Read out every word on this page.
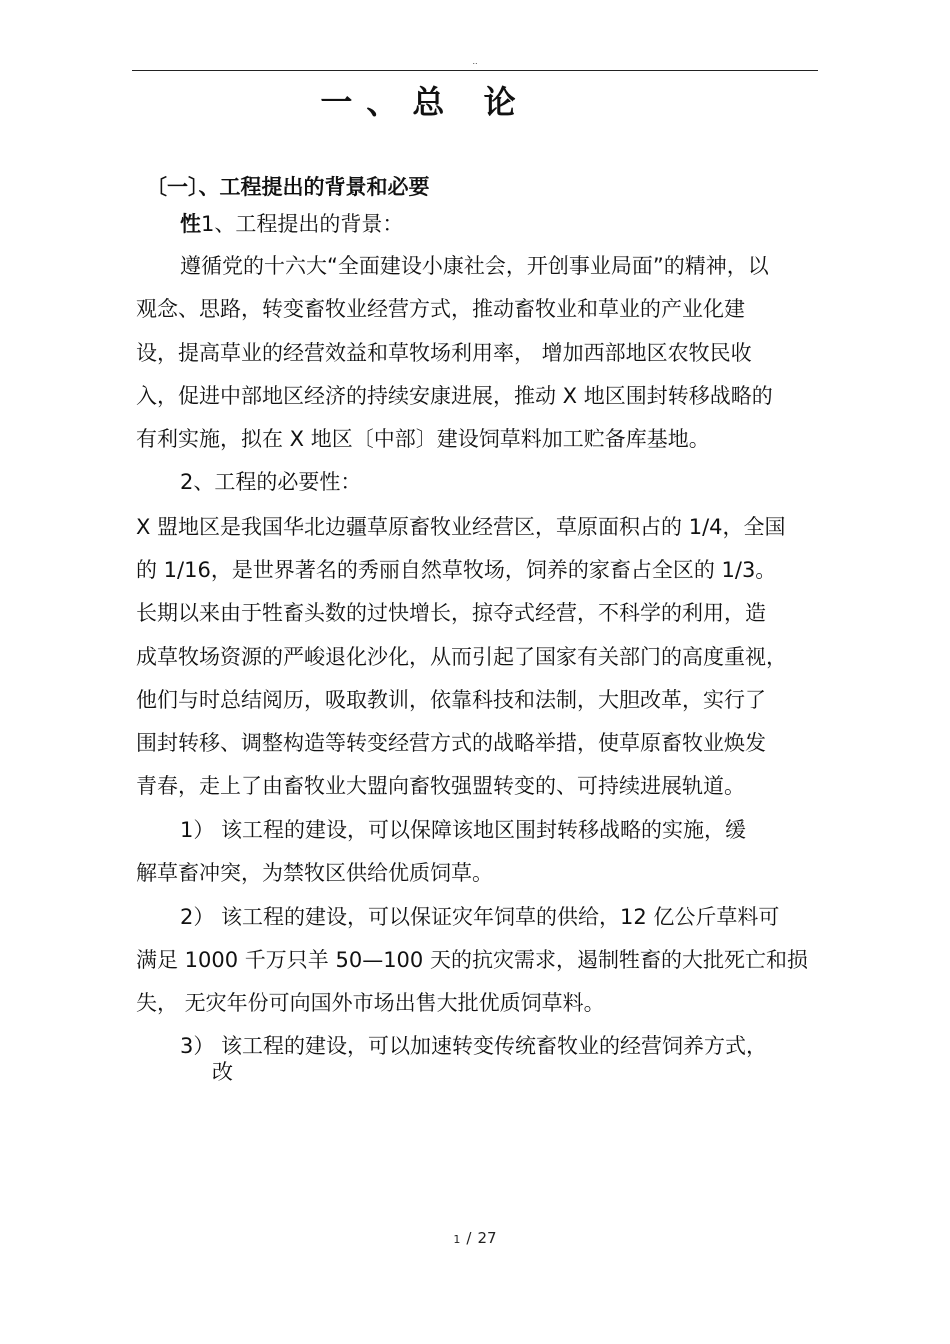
..
一、总 论
〔一〕、工程提出的背景和必要
性1、工程提出的背景：
遵循党的十六大“全面建设小康社会，开创事业局面”的精神，以
观念、思路，转变畜牧业经营方式，推动畜牧业和草业的产业化建
设，提高草业的经营效益和草牧场利用率， 增加西部地区农牧民收
入，促进中部地区经济的持续安康进展，推动 X 地区围封转移战略的
有利实施，拟在 X 地区〔中部〕建设饲草料加工贮备库基地。
2、工程的必要性：
X 盟地区是我国华北边疆草原畜牧业经营区，草原面积占的 1/4，全国
的 1/16，是世界著名的秀丽自然草牧场，饲养的家畜占全区的 1/3。
长期以来由于牲畜头数的过快增长，掠夺式经营，不科学的利用，造
成草牧场资源的严峻退化沙化，从而引起了国家有关部门的高度重视，
他们与时总结阅历，吸取教训，依靠科技和法制，大胆改革，实行了
围封转移、调整构造等转变经营方式的战略举措，使草原畜牧业焕发
青春，走上了由畜牧业大盟向畜牧强盟转变的、可持续进展轨道。
1） 该工程的建设，可以保障该地区围封转移战略的实施，缓
解草畜冲突，为禁牧区供给优质饲草。
2） 该工程的建设，可以保证灾年饲草的供给，12 亿公斤草料可
满足 1000 千万只羊 50—100 天的抗灾需求，遏制牲畜的大批死亡和损
失， 无灾年份可向国外市场出售大批优质饲草料。
3） 该工程的建设，可以加速转变传统畜牧业的经营饲养方式，
改
1 / 27
